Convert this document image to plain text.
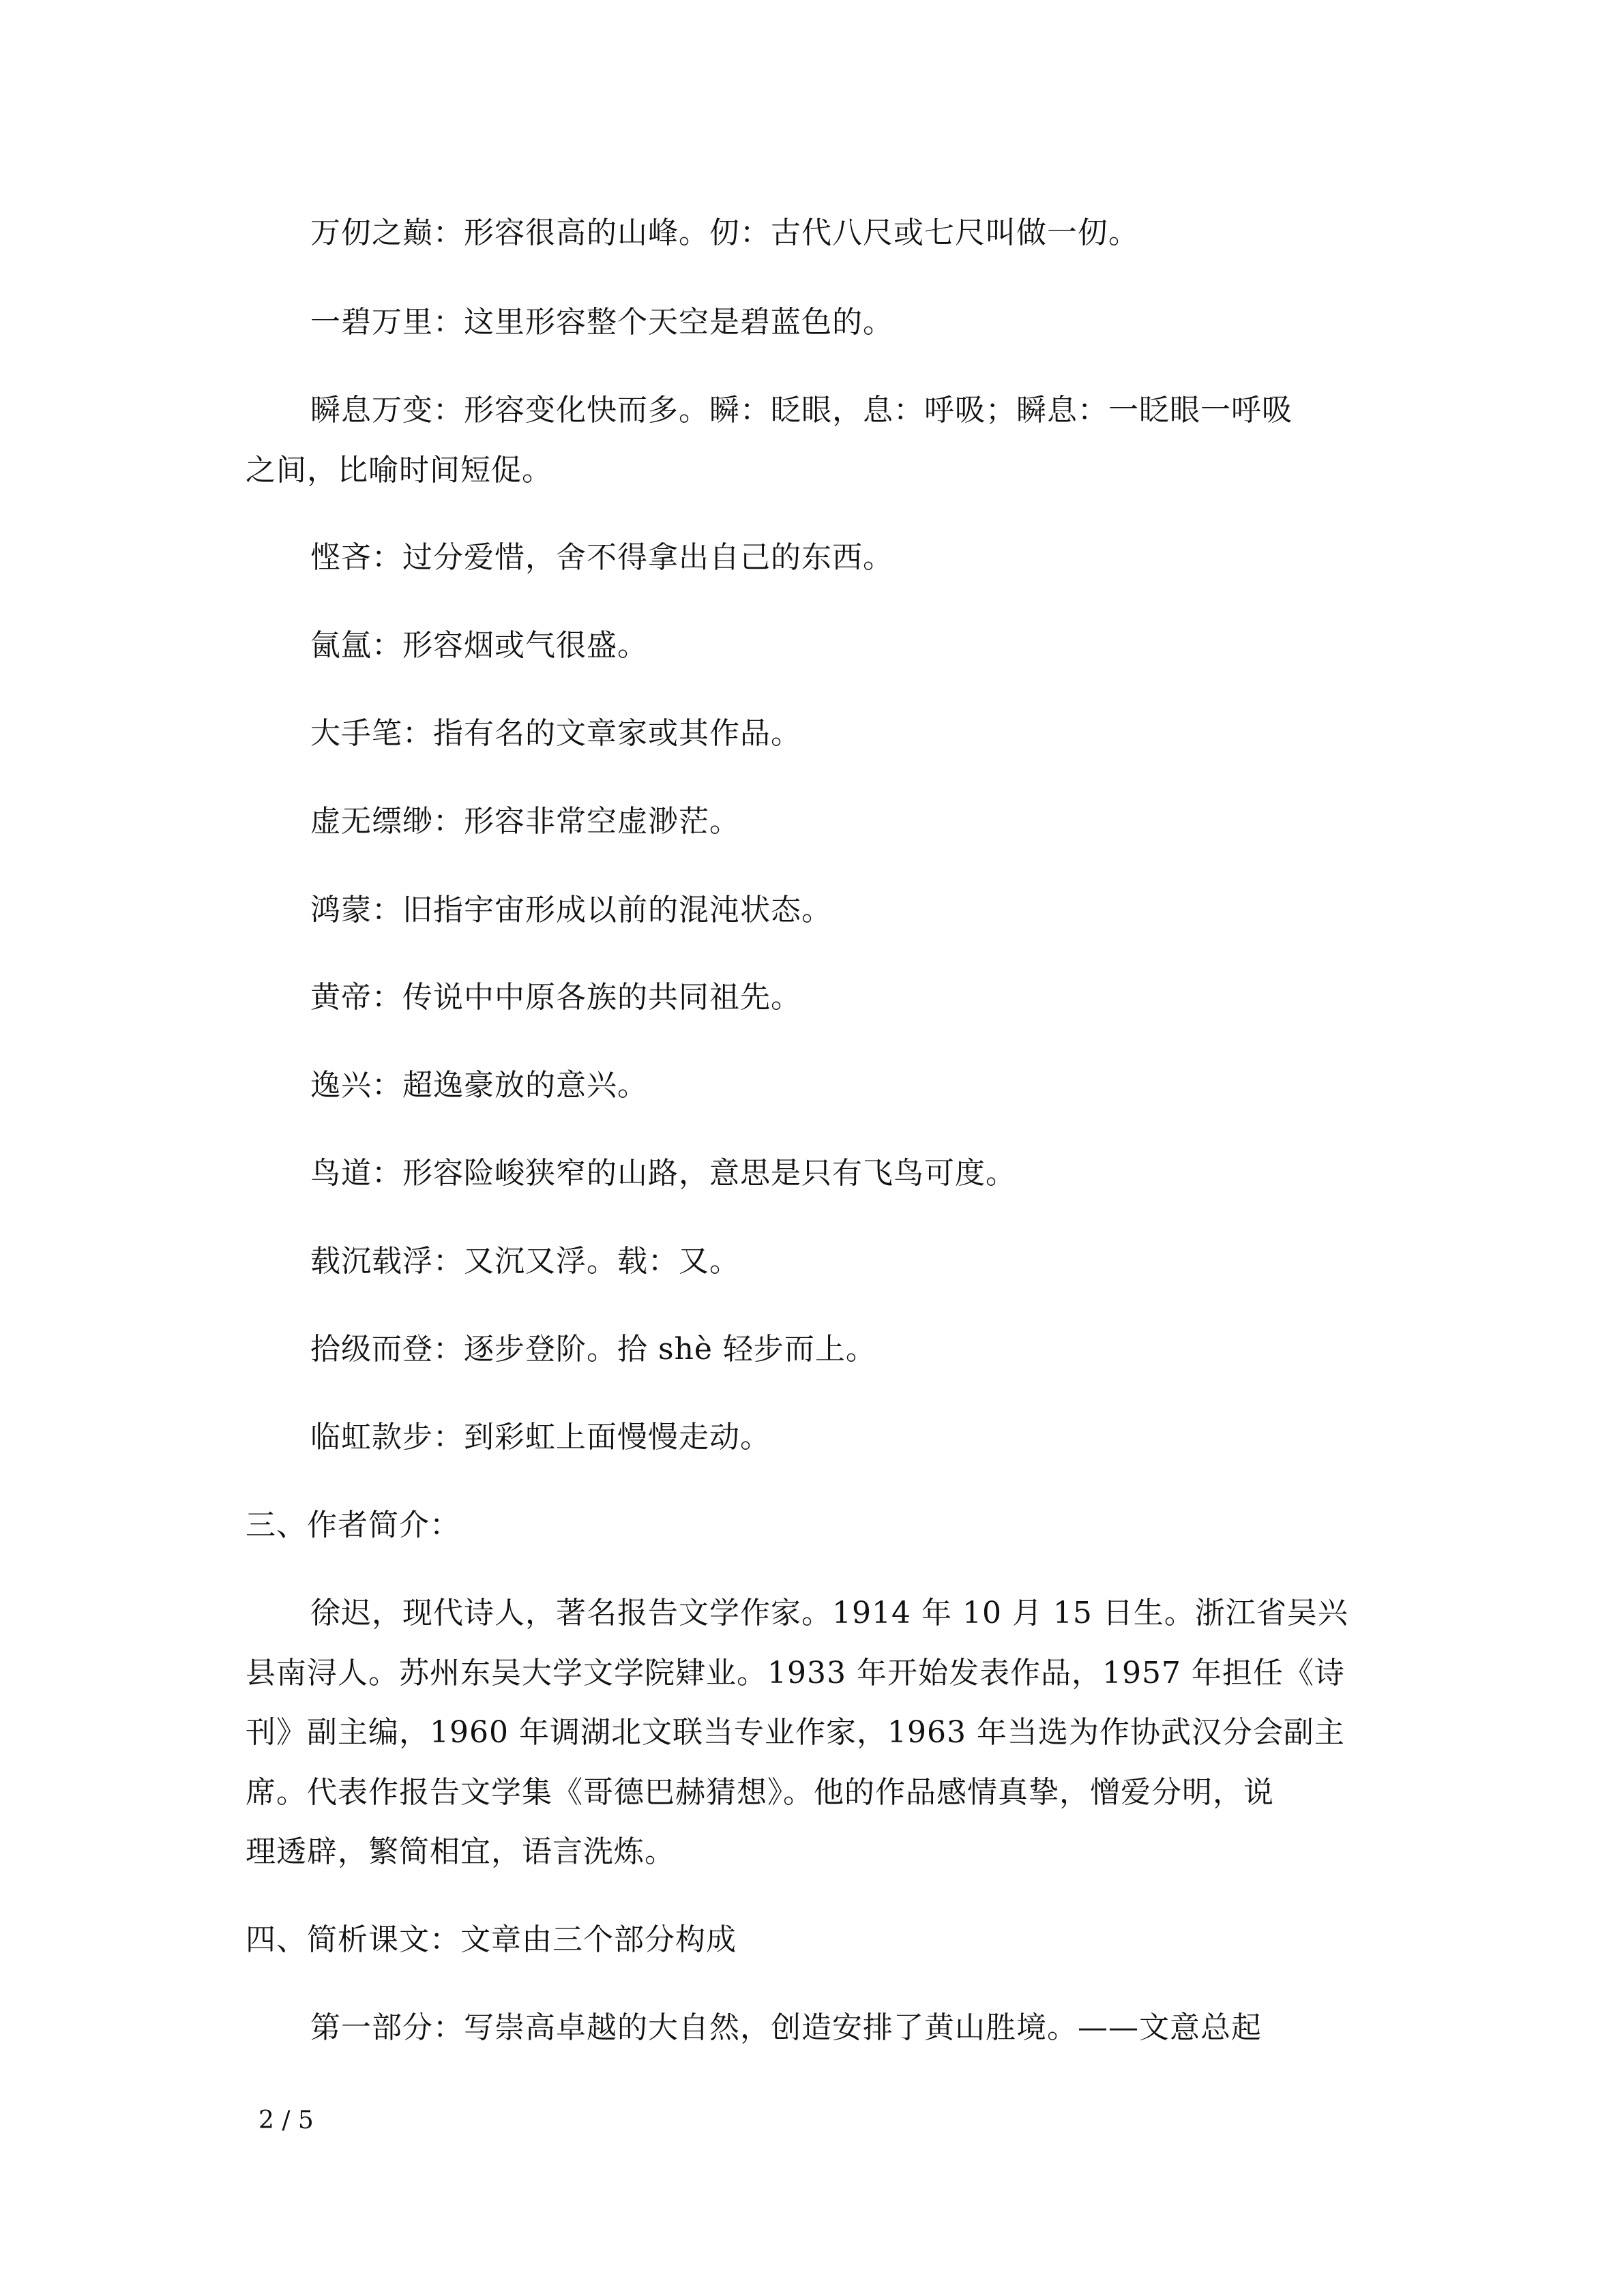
万仞之巅：形容很高的山峰。仞：古代八尺或七尺叫做一仞。
一碧万里：这里形容整个天空是碧蓝色的。
瞬息万变：形容变化快而多。瞬：眨眼，息：呼吸；瞬息：一眨眼一呼吸
之间，比喻时间短促。
悭吝：过分爱惜，舍不得拿出自己的东西。
氤氲：形容烟或气很盛。
大手笔：指有名的文章家或其作品。
虚无缥缈：形容非常空虚渺茫。
鸿蒙：旧指宇宙形成以前的混沌状态。
黄帝：传说中中原各族的共同祖先。
逸兴：超逸豪放的意兴。
鸟道：形容险峻狭窄的山路，意思是只有飞鸟可度。
载沉载浮：又沉又浮。载：又。
拾级而登：逐步登阶。拾 shè 轻步而上。
临虹款步：到彩虹上面慢慢走动。
三、作者简介：
徐迟，现代诗人，著名报告文学作家。1914 年 10 月 15 日生。浙江省吴兴
县南浔人。苏州东吴大学文学院肄业。1933 年开始发表作品，1957 年担任《诗
刊》副主编，1960 年调湖北文联当专业作家，1963 年当选为作协武汉分会副主
席。代表作报告文学集《哥德巴赫猜想》。他的作品感情真挚，憎爱分明，说
理透辟，繁简相宜，语言洗炼。
四、简析课文：文章由三个部分构成
第一部分：写崇高卓越的大自然，创造安排了黄山胜境。——文意总起
2 / 5
